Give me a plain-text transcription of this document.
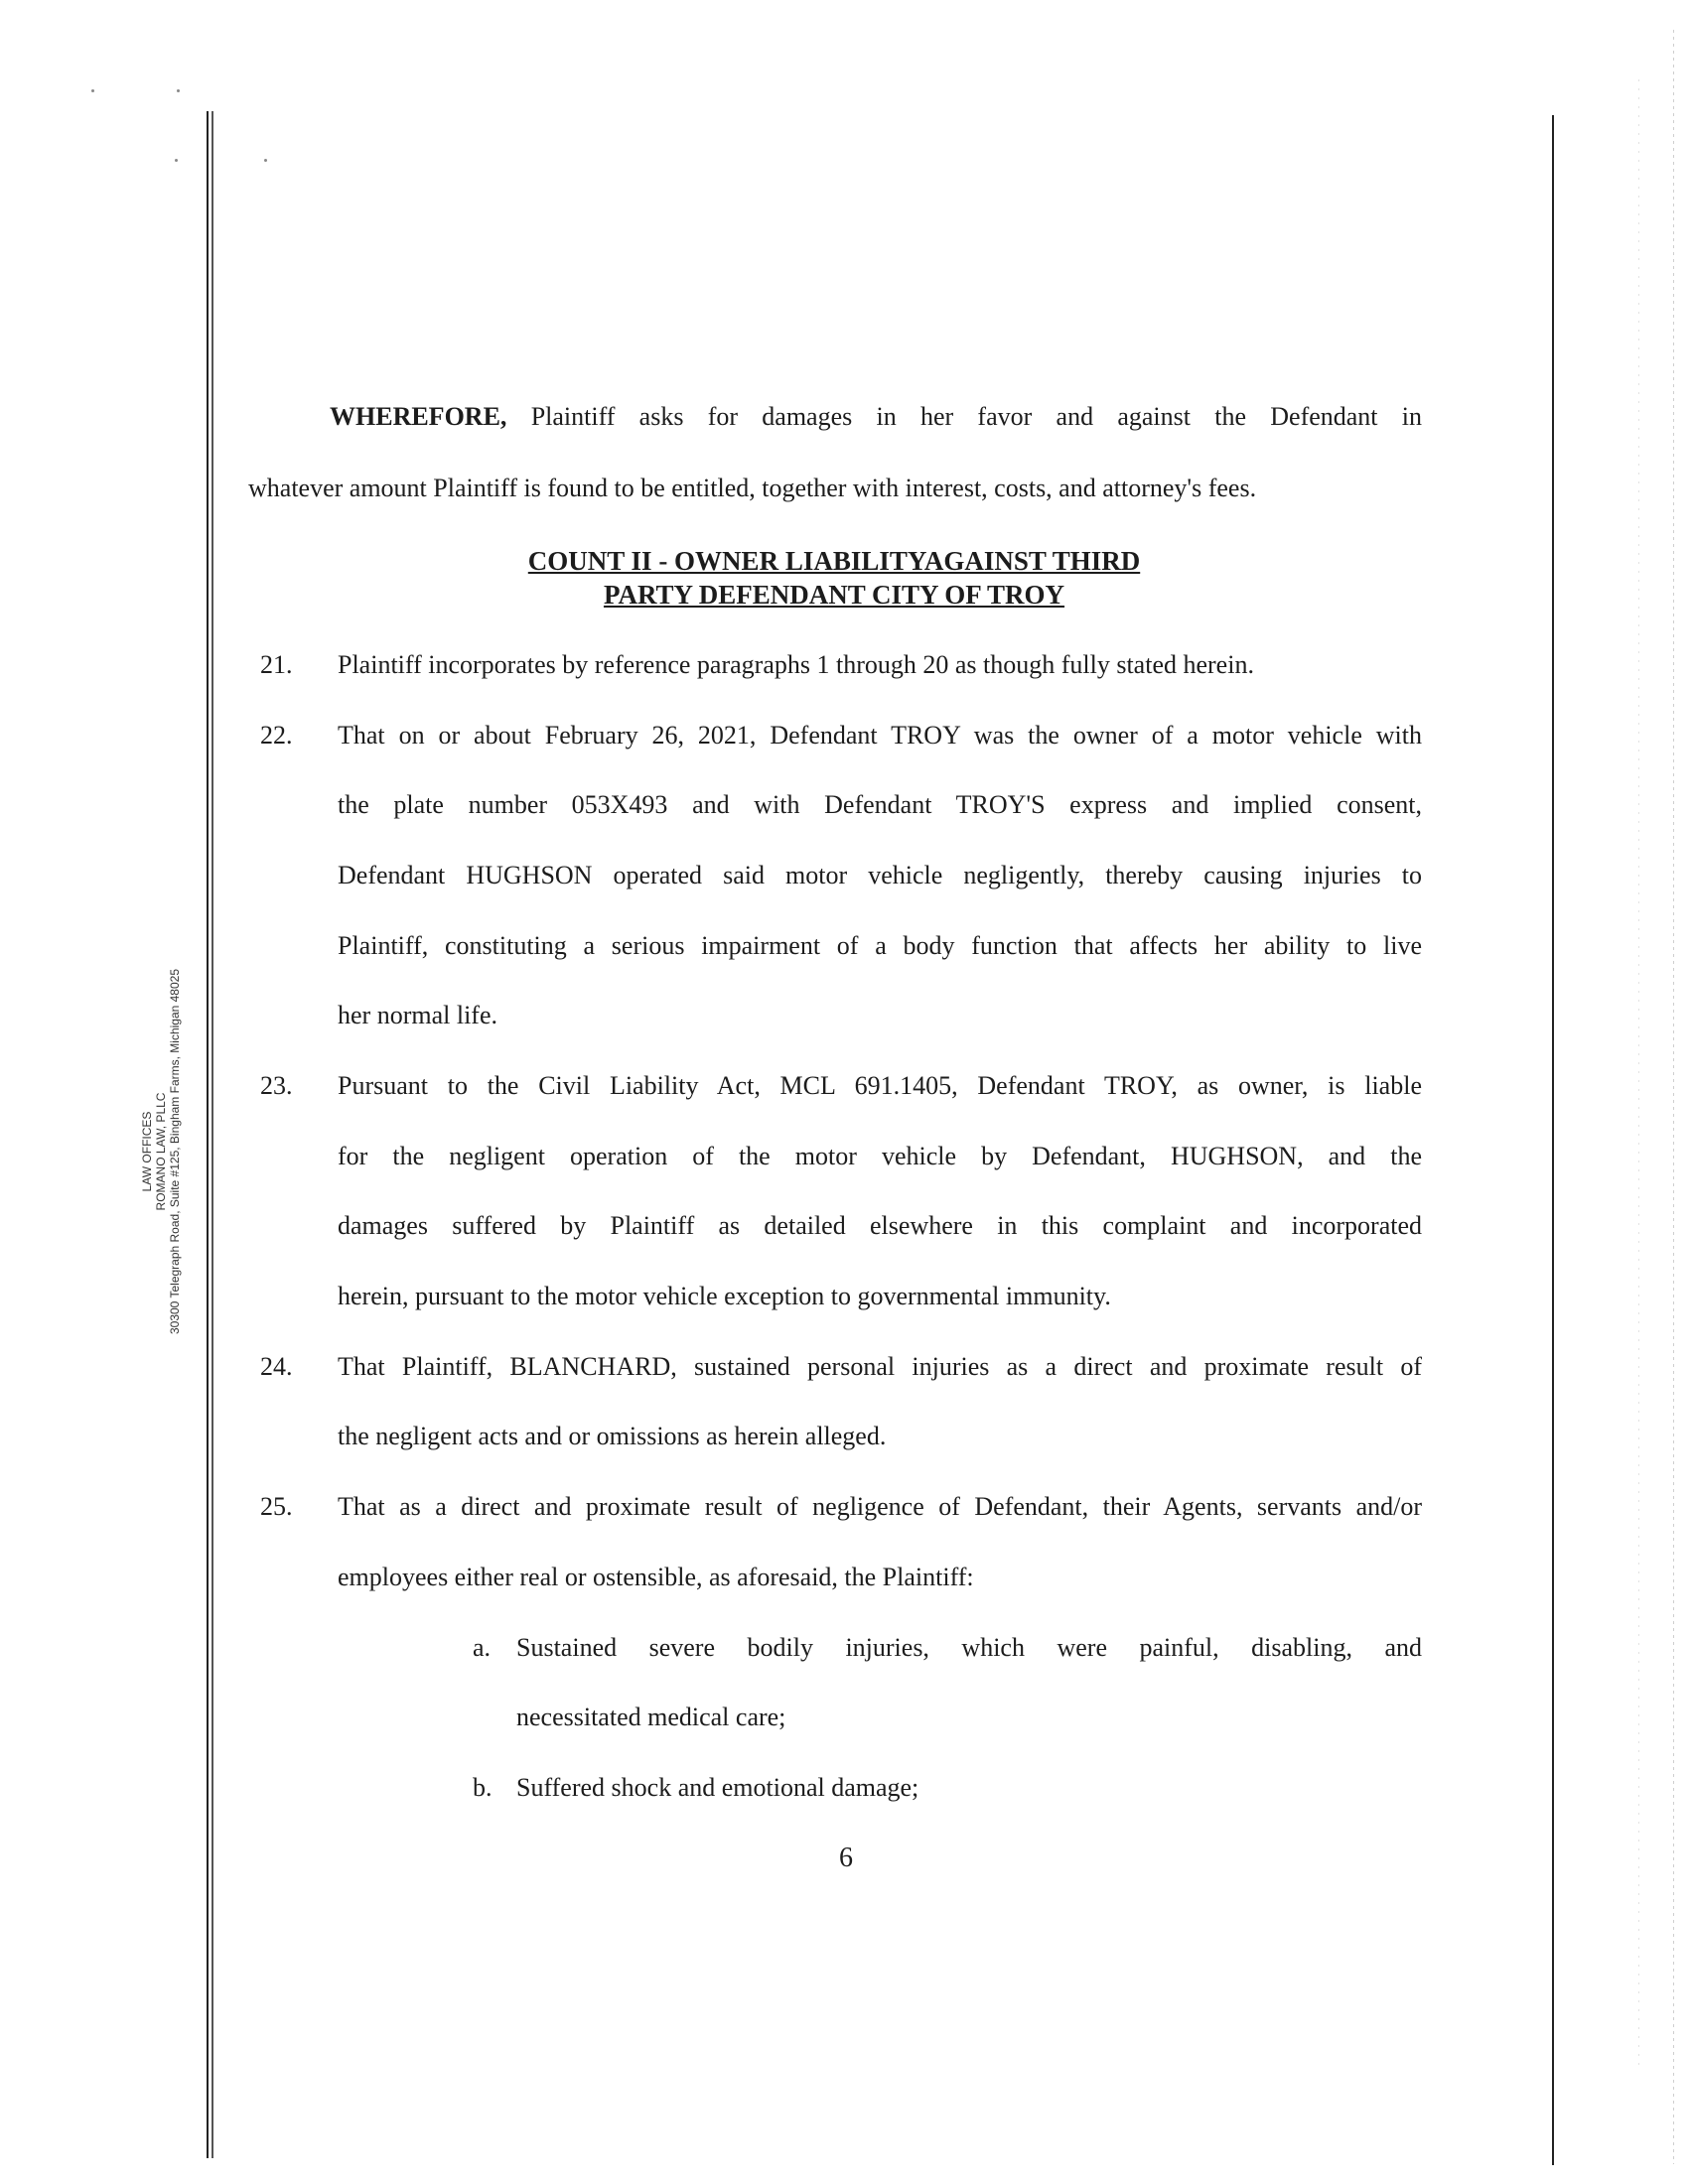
LAW OFFICES ROMANO LAW, PLLC 30300 Telegraph Road, Suite #125, Bingham Farms, Michigan 48025
WHEREFORE, Plaintiff asks for damages in her favor and against the Defendant in
whatever amount Plaintiff is found to be entitled, together with interest, costs, and attorney's fees.
COUNT II - OWNER LIABILITYAGAINST THIRD
PARTY DEFENDANT CITY OF TROY
21. Plaintiff incorporates by reference paragraphs 1 through 20 as though fully stated herein.
22. That on or about February 26, 2021, Defendant TROY was the owner of a motor vehicle with
the plate number 053X493 and with Defendant TROY'S express and implied consent,
Defendant HUGHSON operated said motor vehicle negligently, thereby causing injuries to
Plaintiff, constituting a serious impairment of a body function that affects her ability to live
her normal life.
23. Pursuant to the Civil Liability Act, MCL 691.1405, Defendant TROY, as owner, is liable
for the negligent operation of the motor vehicle by Defendant, HUGHSON, and the
damages suffered by Plaintiff as detailed elsewhere in this complaint and incorporated
herein, pursuant to the motor vehicle exception to governmental immunity.
24. That Plaintiff, BLANCHARD, sustained personal injuries as a direct and proximate result of
the negligent acts and or omissions as herein alleged.
25. That as a direct and proximate result of negligence of Defendant, their Agents, servants and/or
employees either real or ostensible, as aforesaid, the Plaintiff:
a. Sustained severe bodily injuries, which were painful, disabling, and
necessitated medical care;
b. Suffered shock and emotional damage;
6
